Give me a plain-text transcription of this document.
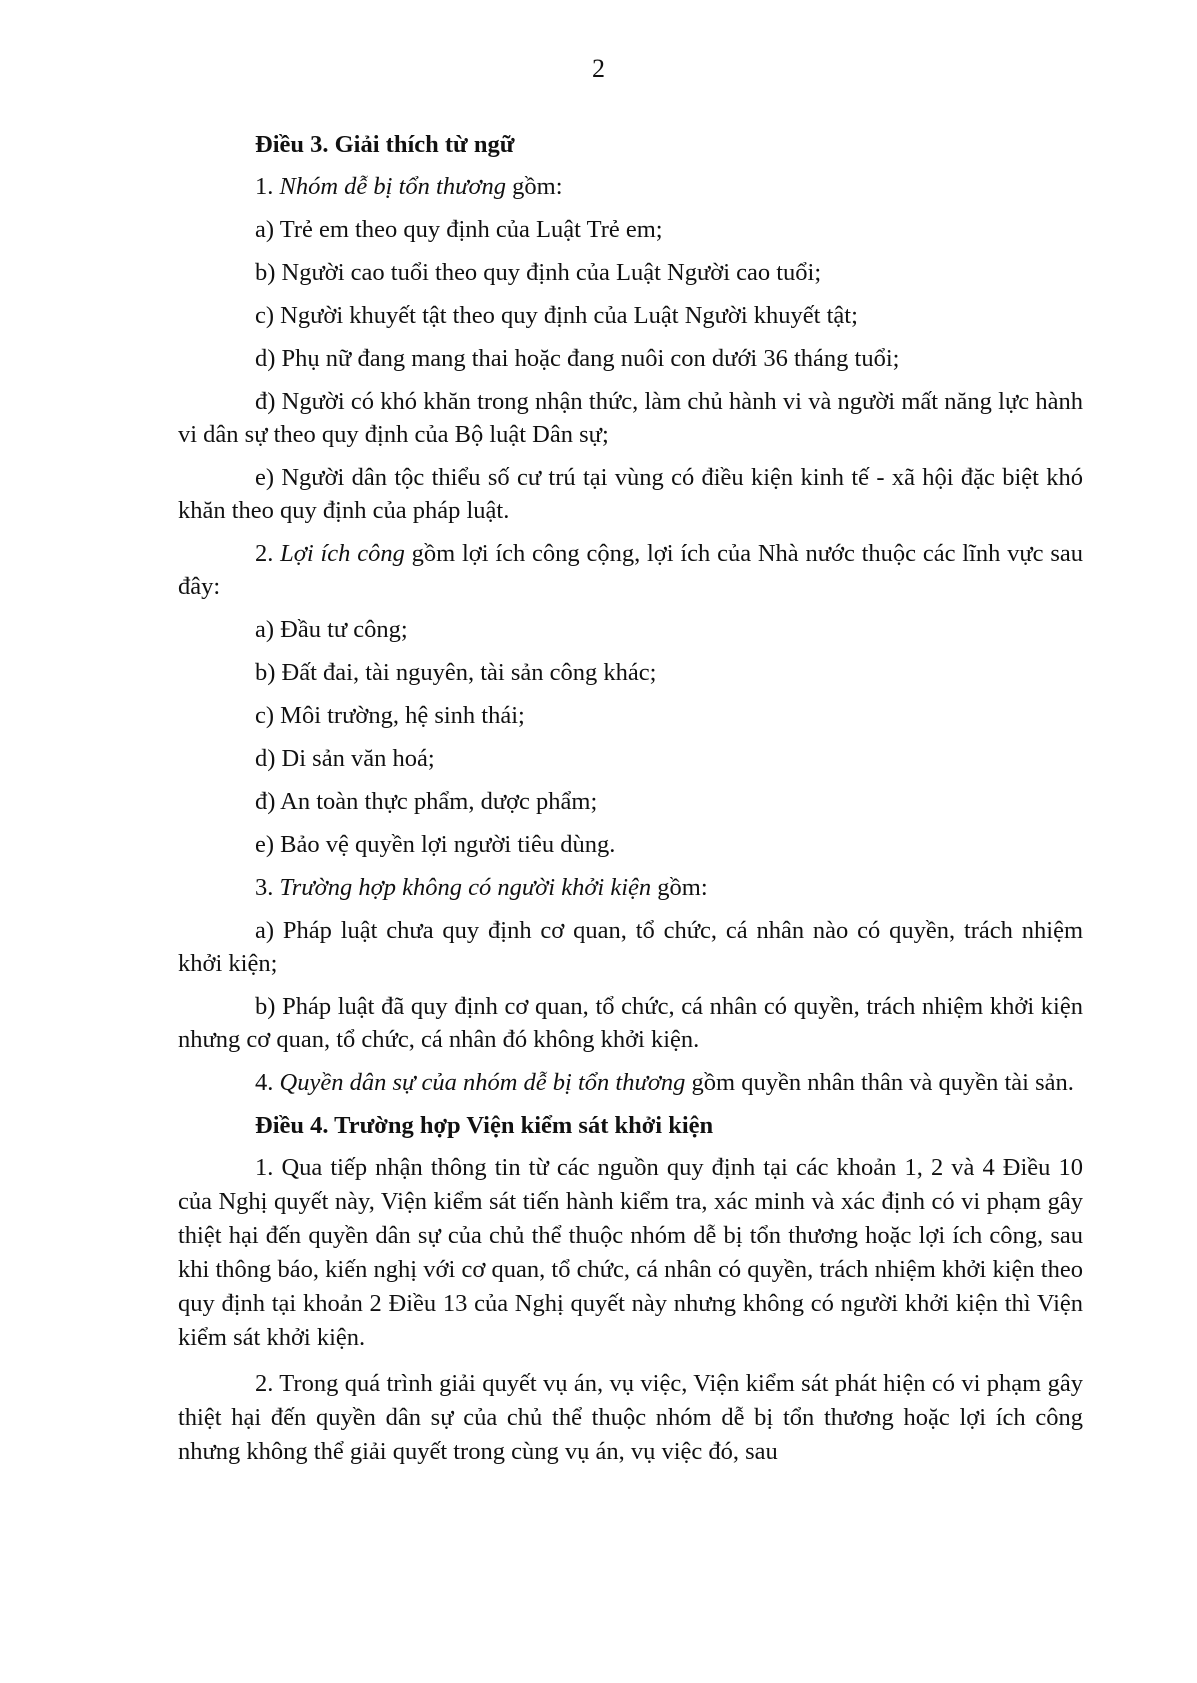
2

Điều 3. Giải thích từ ngữ

1. Nhóm dễ bị tổn thương gồm:

a) Trẻ em theo quy định của Luật Trẻ em;

b) Người cao tuổi theo quy định của Luật Người cao tuổi;

c) Người khuyết tật theo quy định của Luật Người khuyết tật;

d) Phụ nữ đang mang thai hoặc đang nuôi con dưới 36 tháng tuổi;

đ) Người có khó khăn trong nhận thức, làm chủ hành vi và người mất năng lực hành vi dân sự theo quy định của Bộ luật Dân sự;

e) Người dân tộc thiểu số cư trú tại vùng có điều kiện kinh tế - xã hội đặc biệt khó khăn theo quy định của pháp luật.

2. Lợi ích công gồm lợi ích công cộng, lợi ích của Nhà nước thuộc các lĩnh vực sau đây:

a) Đầu tư công;

b) Đất đai, tài nguyên, tài sản công khác;

c) Môi trường, hệ sinh thái;

d) Di sản văn hoá;

đ) An toàn thực phẩm, dược phẩm;

e) Bảo vệ quyền lợi người tiêu dùng.

3. Trường hợp không có người khởi kiện gồm:

a) Pháp luật chưa quy định cơ quan, tổ chức, cá nhân nào có quyền, trách nhiệm khởi kiện;

b) Pháp luật đã quy định cơ quan, tổ chức, cá nhân có quyền, trách nhiệm khởi kiện nhưng cơ quan, tổ chức, cá nhân đó không khởi kiện.

4. Quyền dân sự của nhóm dễ bị tổn thương gồm quyền nhân thân và quyền tài sản.

Điều 4. Trường hợp Viện kiểm sát khởi kiện

1. Qua tiếp nhận thông tin từ các nguồn quy định tại các khoản 1, 2 và 4 Điều 10 của Nghị quyết này, Viện kiểm sát tiến hành kiểm tra, xác minh và xác định có vi phạm gây thiệt hại đến quyền dân sự của chủ thể thuộc nhóm dễ bị tổn thương hoặc lợi ích công, sau khi thông báo, kiến nghị với cơ quan, tổ chức, cá nhân có quyền, trách nhiệm khởi kiện theo quy định tại khoản 2 Điều 13 của Nghị quyết này nhưng không có người khởi kiện thì Viện kiểm sát khởi kiện.

2. Trong quá trình giải quyết vụ án, vụ việc, Viện kiểm sát phát hiện có vi phạm gây thiệt hại đến quyền dân sự của chủ thể thuộc nhóm dễ bị tổn thương hoặc lợi ích công nhưng không thể giải quyết trong cùng vụ án, vụ việc đó, sau
